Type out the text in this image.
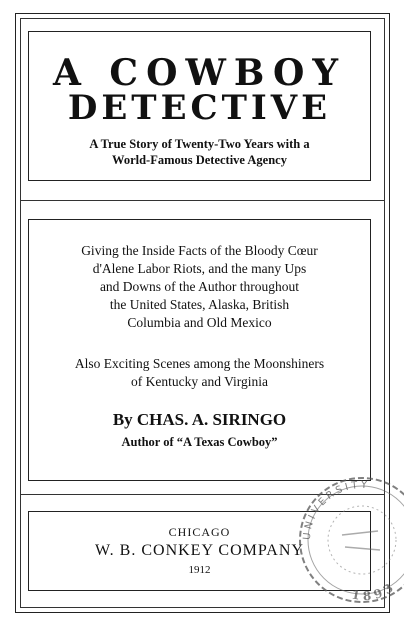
A COWBOY
DETECTIVE
A True Story of Twenty-Two Years with a
World-Famous Detective Agency
Giving the Inside Facts of the Bloody Cœur
d'Alene Labor Riots, and the many Ups
and Downs of the Author throughout
the United States, Alaska, British
Columbia and Old Mexico
Also Exciting Scenes among the Moonshiners
of Kentucky and Virginia
By CHAS. A. SIRINGO
Author of “A Texas Cowboy”
CHICAGO
W. B. CONKEY COMPANY
1912
UNIVERSITY
1893
